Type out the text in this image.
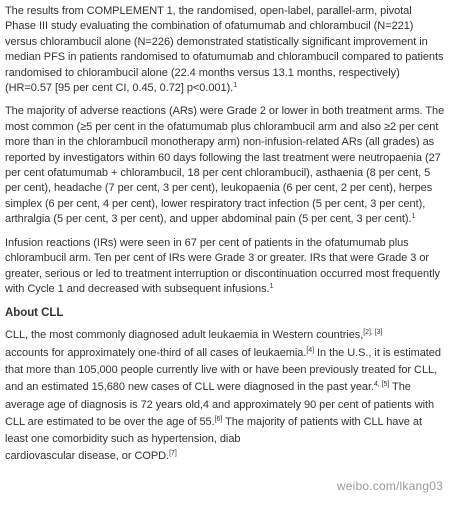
The results from COMPLEMENT 1, the randomised, open-label, parallel-arm, pivotal Phase III study evaluating the combination of ofatumumab and chlorambucil (N=221) versus chlorambucil alone (N=226) demonstrated statistically significant improvement in median PFS in patients randomised to ofatumumab and chlorambucil compared to patients randomised to chlorambucil alone (22.4 months versus 13.1 months, respectively) (HR=0.57 [95 per cent CI, 0.45, 0.72] p<0.001).$^1$

The majority of adverse reactions (ARs) were Grade 2 or lower in both treatment arms. The most common (≥5 per cent in the ofatumumab plus chlorambucil arm and also ≥2 per cent more than in the chlorambucil monotherapy arm) non-infusion-related ARs (all grades) as reported by investigators within 60 days following the last treatment were neutropaenia (27 per cent ofatumumab + chlorambucil, 18 per cent chlorambucil), asthaenia (8 per cent, 5 per cent), headache (7 per cent, 3 per cent), leukopaenia (6 per cent, 2 per cent), herpes simplex (6 per cent, 4 per cent), lower respiratory tract infection (5 per cent, 3 per cent), arthralgia (5 per cent, 3 per cent), and upper abdominal pain (5 per cent, 3 per cent).$^1$

Infusion reactions (IRs) were seen in 67 per cent of patients in the ofatumumab plus chlorambucil arm. Ten per cent of IRs were Grade 3 or greater. IRs that were Grade 3 or greater, serious or led to treatment interruption or discontinuation occurred most frequently with Cycle 1 and decreased with subsequent infusions.$^1$

About CLL

CLL, the most commonly diagnosed adult leukaemia in Western countries,[2], [3]
accounts for approximately one-third of all cases of leukaemia.[4] In the U.S., it is estimated that more than 105,000 people currently live with or have been previously treated for CLL, and an estimated 15,680 new cases of CLL were diagnosed in the past year.$^{4, [5]}$ The average age of diagnosis is 72 years old,4 and approximately 90 per cent of patients with CLL are estimated to be over the age of 55.[6] The majority of patients with CLL have at least one comorbidity such as hypertension, diab
cardiovascular disease, or COPD.[7]

weibo.com/lkang03
